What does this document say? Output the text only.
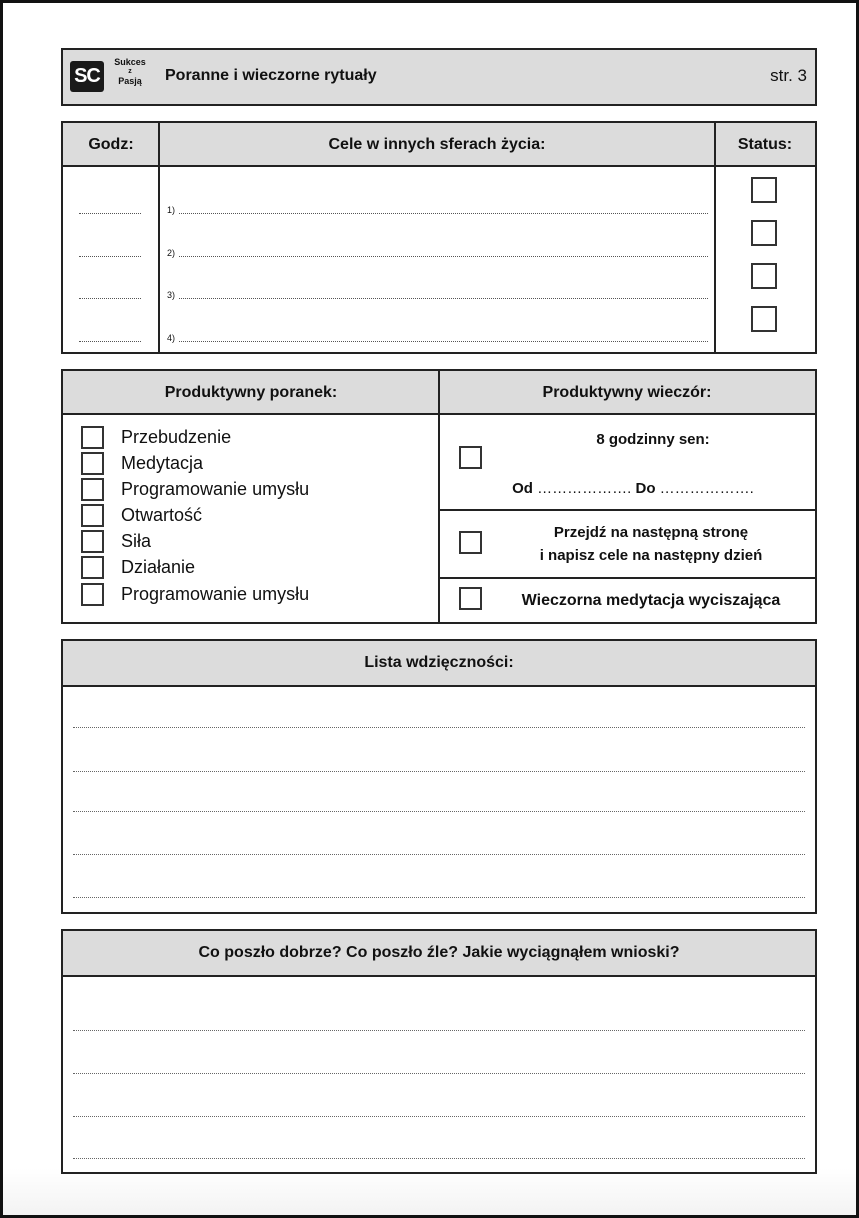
SC
Sukces
z
Pasją	Poranne i wieczorne rytuały	str. 3
Godz:	Cele w innych sferach życia:	Status:
1)
2)
3)
4)
Produktywny poranek:	Produktywny wieczór:
Przebudzenie
Medytacja
Programowanie umysłu
Otwartość
Siła
Działanie
Programowanie umysłu
8 godzinny sen:
Od ………………. Do ……………….
Przejdź na następną stronę
i napisz cele na następny dzień
Wieczorna medytacja wyciszająca
Lista wdzięczności:
Co poszło dobrze? Co poszło źle? Jakie wyciągnąłem wnioski?
